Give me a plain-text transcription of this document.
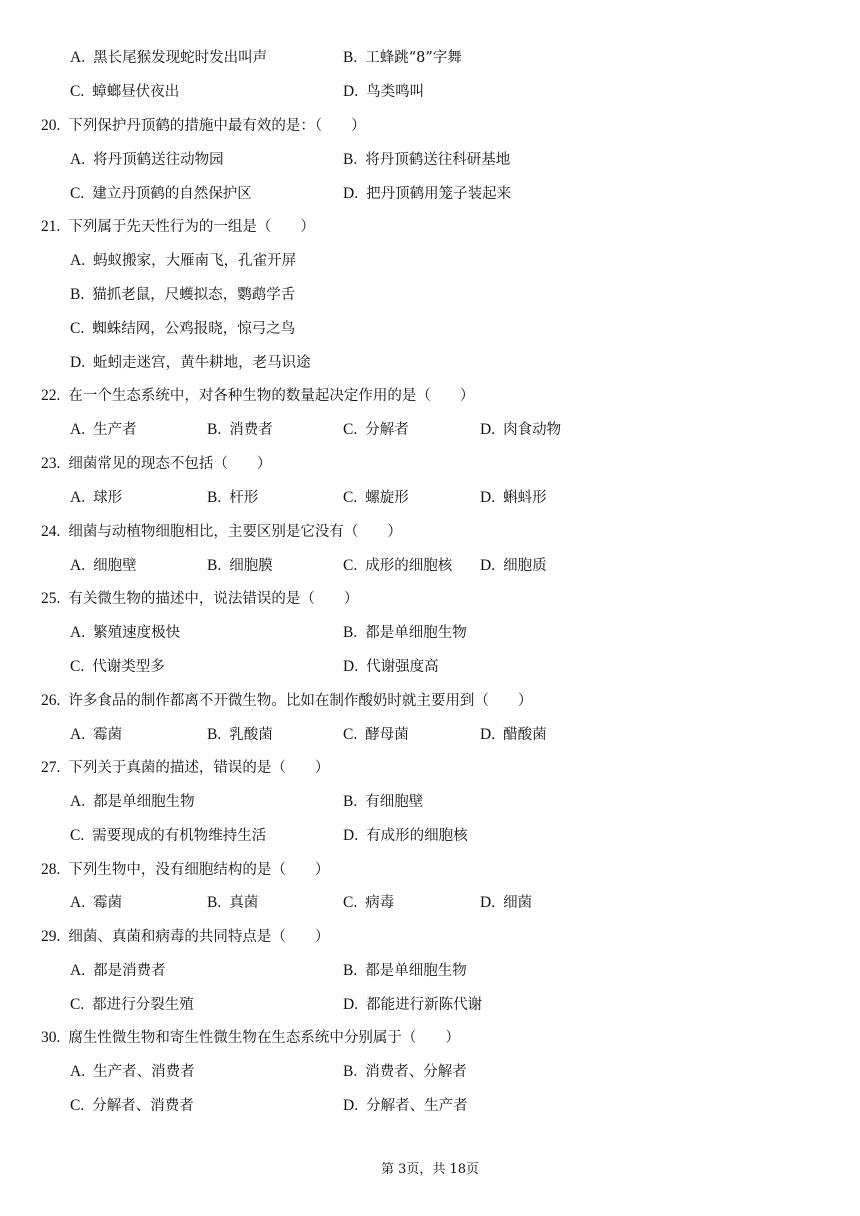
A. 黑长尾猴发现蛇时发出叫声	B. 工蜂跳“8”字舞
C. 蟑螂昼伏夜出	D. 鸟类鸣叫
20. 下列保护丹顶鹤的措施中最有效的是：（　　）
A. 将丹顶鹤送往动物园	B. 将丹顶鹤送往科研基地
C. 建立丹顶鹤的自然保护区	D. 把丹顶鹤用笼子装起来
21. 下列属于先天性行为的一组是（　　）
A. 蚂蚁搬家，大雁南飞，孔雀开屏
B. 猫抓老鼠，尺蠖拟态，鹦鹉学舌
C. 蜘蛛结网，公鸡报晓，惊弓之鸟
D. 蚯蚓走迷宫，黄牛耕地，老马识途
22. 在一个生态系统中，对各种生物的数量起决定作用的是（　　）
A. 生产者	B. 消费者	C. 分解者	D. 肉食动物
23. 细菌常见的现态不包括（　　）
A. 球形	B. 杆形	C. 螺旋形	D. 蝌蚪形
24. 细菌与动植物细胞相比，主要区别是它没有（　　）
A. 细胞壁	B. 细胞膜	C. 成形的细胞核 D. 细胞质
25. 有关微生物的描述中，说法错误的是（　　）
A. 繁殖速度极快	B. 都是单细胞生物
C. 代谢类型多	D. 代谢强度高
26. 许多食品的制作都离不开微生物。比如在制作酸奶时就主要用到（　　）
A. 霉菌	B. 乳酸菌	C. 酵母菌	D. 醋酸菌
27. 下列关于真菌的描述，错误的是（　　）
A. 都是单细胞生物	B. 有细胞壁
C. 需要现成的有机物维持生活	D. 有成形的细胞核
28. 下列生物中，没有细胞结构的是（　　）
A. 霉菌	B. 真菌	C. 病毒	D. 细菌
29. 细菌、真菌和病毒的共同特点是（　　）
A. 都是消费者	B. 都是单细胞生物
C. 都进行分裂生殖	D. 都能进行新陈代谢
30. 腐生性微生物和寄生性微生物在生态系统中分别属于（　　）
A. 生产者、消费者	B. 消费者、分解者
C. 分解者、消费者	D. 分解者、生产者
第 3页，共 18页
